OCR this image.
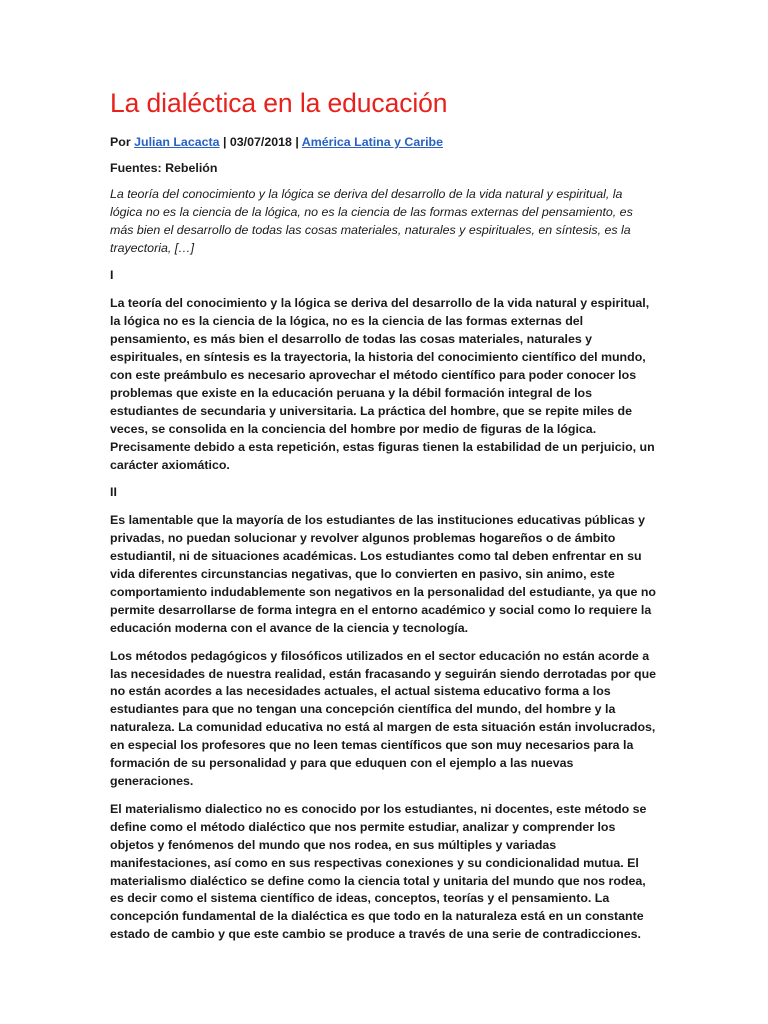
La dialéctica en la educación

Por Julian Lacacta | 03/07/2018 | América Latina y Caribe

Fuentes: Rebelión

La teoría del conocimiento y la lógica se deriva del desarrollo de la vida natural y espiritual, la lógica no es la ciencia de la lógica, no es la ciencia de las formas externas del pensamiento, es más bien el desarrollo de todas las cosas materiales, naturales y espirituales, en síntesis, es la trayectoria, […]

I

La teoría del conocimiento y la lógica se deriva del desarrollo de la vida natural y espiritual, la lógica no es la ciencia de la lógica, no es la ciencia de las formas externas del pensamiento, es más bien el desarrollo de todas las cosas materiales, naturales y espirituales, en síntesis es la trayectoria, la historia del conocimiento científico del mundo, con este preámbulo es necesario aprovechar el método científico para poder conocer los problemas que existe en la educación peruana y la débil formación integral de los estudiantes de secundaria y universitaria. La práctica del hombre, que se repite miles de veces, se consolida en la conciencia del hombre por medio de figuras de la lógica. Precisamente debido a esta repetición, estas figuras tienen la estabilidad de un perjuicio, un carácter axiomático.

II

Es lamentable que la mayoría de los estudiantes de las instituciones educativas públicas y privadas, no puedan solucionar y revolver algunos problemas hogareños o de ámbito estudiantil, ni de situaciones académicas. Los estudiantes como tal deben enfrentar en su vida diferentes circunstancias negativas, que lo convierten en pasivo, sin animo, este comportamiento indudablemente son negativos en la personalidad del estudiante, ya que no permite desarrollarse de forma integra en el entorno académico y social como lo requiere la educación moderna con el avance de la ciencia y tecnología.

Los métodos pedagógicos y filosóficos utilizados en el sector educación no están acorde a las necesidades de nuestra realidad, están fracasando y seguirán siendo derrotadas por que no están acordes a las necesidades actuales, el actual sistema educativo forma a los estudiantes para que no tengan una concepción científica del mundo, del hombre y la naturaleza. La comunidad educativa no está al margen de esta situación están involucrados, en especial los profesores que no leen temas científicos que son muy necesarios para la formación de su personalidad y para que eduquen con el ejemplo a las nuevas generaciones.

El materialismo dialectico no es conocido por los estudiantes, ni docentes, este método se define como el método dialéctico que nos permite estudiar, analizar y comprender los objetos y fenómenos del mundo que nos rodea, en sus múltiples y variadas manifestaciones, así como en sus respectivas conexiones y su condicionalidad mutua. El materialismo dialéctico se define como la ciencia total y unitaria del mundo que nos rodea, es decir como el sistema científico de ideas, conceptos, teorías y el pensamiento. La concepción fundamental de la dialéctica es que todo en la naturaleza está en un constante estado de cambio y que este cambio se produce a través de una serie de contradicciones.
